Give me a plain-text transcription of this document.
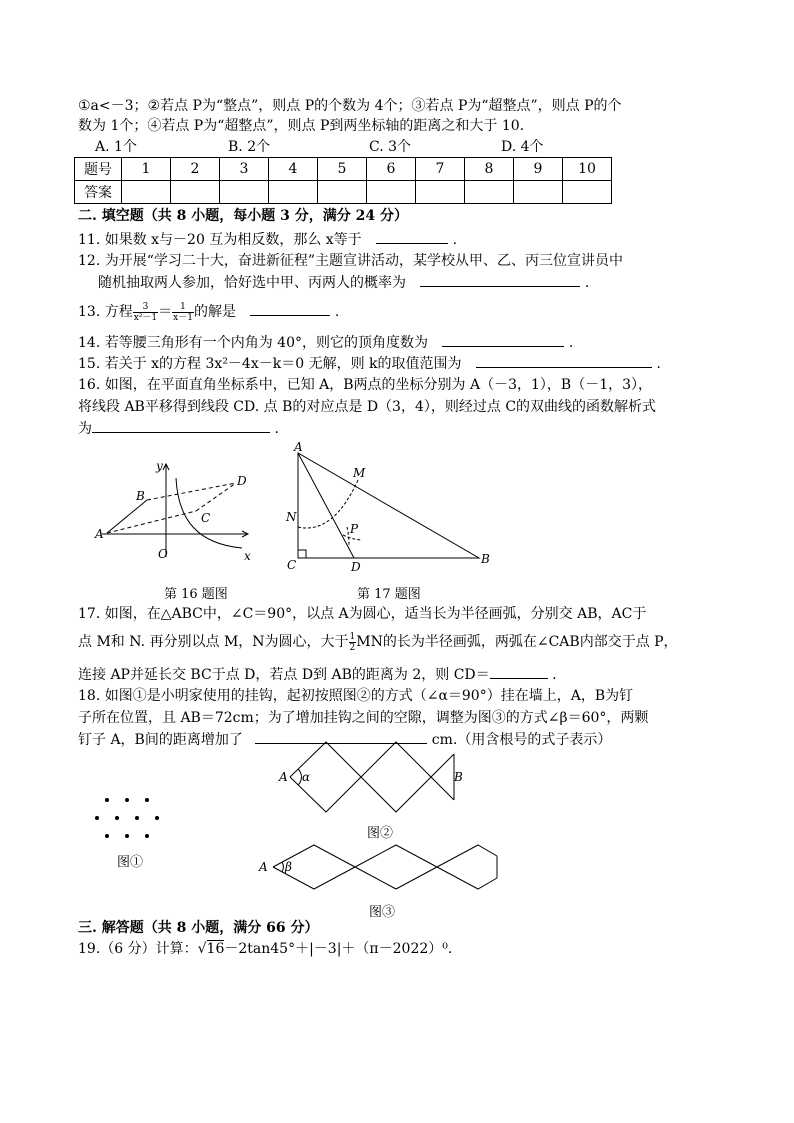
①a<－3；②若点 P为“整点”，则点 P的个数为 4个；③若点 P为“超整点”，则点 P的个
数为 1个；④若点 P为“超整点”，则点 P到两坐标轴的距离之和大于 10.
A. 1个	B. 2个	C. 3个	D. 4个
题号	1	2	3	4	5	6	7	8	9	10
答案										
二. 填空题（共 8 小题，每小题 3 分，满分 24 分）
11. 如果数 x与－20 互为相反数，那么 x等于	.
12. 为开展“学习二十大，奋进新征程”主题宣讲活动，某学校从甲、乙、丙三位宣讲员中
随机抽取两人参加，恰好选中甲、丙两人的概率为	.
13. 方程 $\frac{3}{\text{x²－1}} = \frac{1}{x-1}$ 的解是	.
14. 若等腰三角形有一个内角为 40°，则它的顶角度数为	.
15. 若关于 x的方程 3x²－4x－k＝0 无解，则 k的取值范围为	.
16. 如图，在平面直角坐标系中，已知 A，B两点的坐标分别为 A（－3，1），B（－1，3），
将线段 AB平移得到线段 CD. 点 B的对应点是 D（3，4），则经过点 C的双曲线的函数解析式
为	.
y
x
O
A
B
C
D
第 16 题图
A
B
C	D
M
N
P
第 17 题图
17. 如图，在△ABC中，∠C＝90°，以点 A为圆心，适当长为半径画弧，分别交 AB，AC于
点 M和 N. 再分别以点 M，N为圆心，大于 $\frac{1}{2}$ MN的长为半径画弧，两弧在∠CAB内部交于点 P，
连接 AP并延长交 BC于点 D，若点 D到 AB的距离为 2，则 CD＝	.
18. 如图①是小明家使用的挂钩，起初按照图②的方式（∠α＝90°）挂在墙上，A，B为钉
子所在位置，且 AB＝72cm；为了增加挂钩之间的空隙，调整为图③的方式∠β＝60°，两颗
钉子 A，B间的距离增加了	cm.（用含根号的式子表示）
图①
A α	B
图②
A β
图③
三. 解答题（共 8 小题，满分 66 分）
19.（6 分）计算：√16－2tan45°＋|－3|＋（π－2022）⁰.
